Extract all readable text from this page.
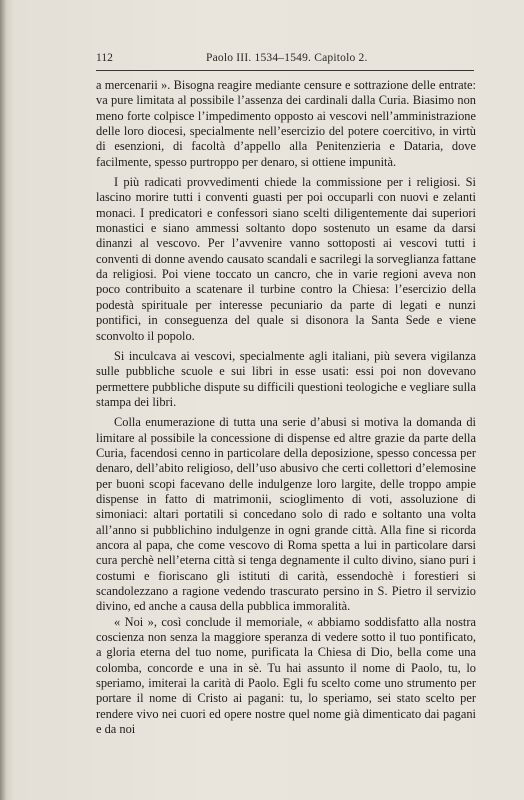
112	Paolo III. 1534–1549. Capitolo 2.

a mercenarii ». Bisogna reagire mediante censure e sottrazione delle entrate: va pure limitata al possibile l’assenza dei cardinali dalla Curia. Biasimo non meno forte colpisce l’impedimento opposto ai vescovi nell’amministrazione delle loro diocesi, specialmente nell’esercizio del potere coercitivo, in virtù di esenzioni, di facoltà d’appello alla Penitenzieria e Dataria, dove facilmente, spesso purtroppo per denaro, si ottiene impunità.

I più radicati provvedimenti chiede la commissione per i religiosi. Si lascino morire tutti i conventi guasti per poi occuparli con nuovi e zelanti monaci. I predicatori e confessori siano scelti diligentemente dai superiori monastici e siano ammessi soltanto dopo sostenuto un esame da darsi dinanzi al vescovo. Per l’avvenire vanno sottoposti ai vescovi tutti i conventi di donne avendo causato scandali e sacrilegi la sorveglianza fattane da religiosi. Poi viene toccato un cancro, che in varie regioni aveva non poco contribuito a scatenare il turbine contro la Chiesa: l’esercizio della podestà spirituale per interesse pecuniario da parte di legati e nunzi pontifici, in conseguenza del quale si disonora la Santa Sede e viene sconvolto il popolo.

Si inculcava ai vescovi, specialmente agli italiani, più severa vigilanza sulle pubbliche scuole e sui libri in esse usati: essi poi non dovevano permettere pubbliche dispute su difficili questioni teologiche e vegliare sulla stampa dei libri.

Colla enumerazione di tutta una serie d’abusi si motiva la domanda di limitare al possibile la concessione di dispense ed altre grazie da parte della Curia, facendosi cenno in particolare della deposizione, spesso concessa per denaro, dell’abito religioso, dell’uso abusivo che certi collettori d’elemosine per buoni scopi facevano delle indulgenze loro largite, delle troppo ampie dispense in fatto di matrimonii, scioglimento di voti, assoluzione di simoniaci: altari portatili si concedano solo di rado e soltanto una volta all’anno si pubblichino indulgenze in ogni grande città. Alla fine si ricorda ancora al papa, che come vescovo di Roma spetta a lui in particolare darsi cura perchè nell’eterna città si tenga degnamente il culto divino, siano puri i costumi e fioriscano gli istituti di carità, essendochè i forestieri si scandolezzano a ragione vedendo trascurato persino in S. Pietro il servizio divino, ed anche a causa della pubblica immoralità.

« Noi », così conclude il memoriale, « abbiamo soddisfatto alla nostra coscienza non senza la maggiore speranza di vedere sotto il tuo pontificato, a gloria eterna del tuo nome, purificata la Chiesa di Dio, bella come una colomba, concorde e una in sè. Tu hai assunto il nome di Paolo, tu, lo speriamo, imiterai la carità di Paolo. Egli fu scelto come uno strumento per portare il nome di Cristo ai pagani: tu, lo speriamo, sei stato scelto per rendere vivo nei cuori ed opere nostre quel nome già dimenticato dai pagani e da noi
